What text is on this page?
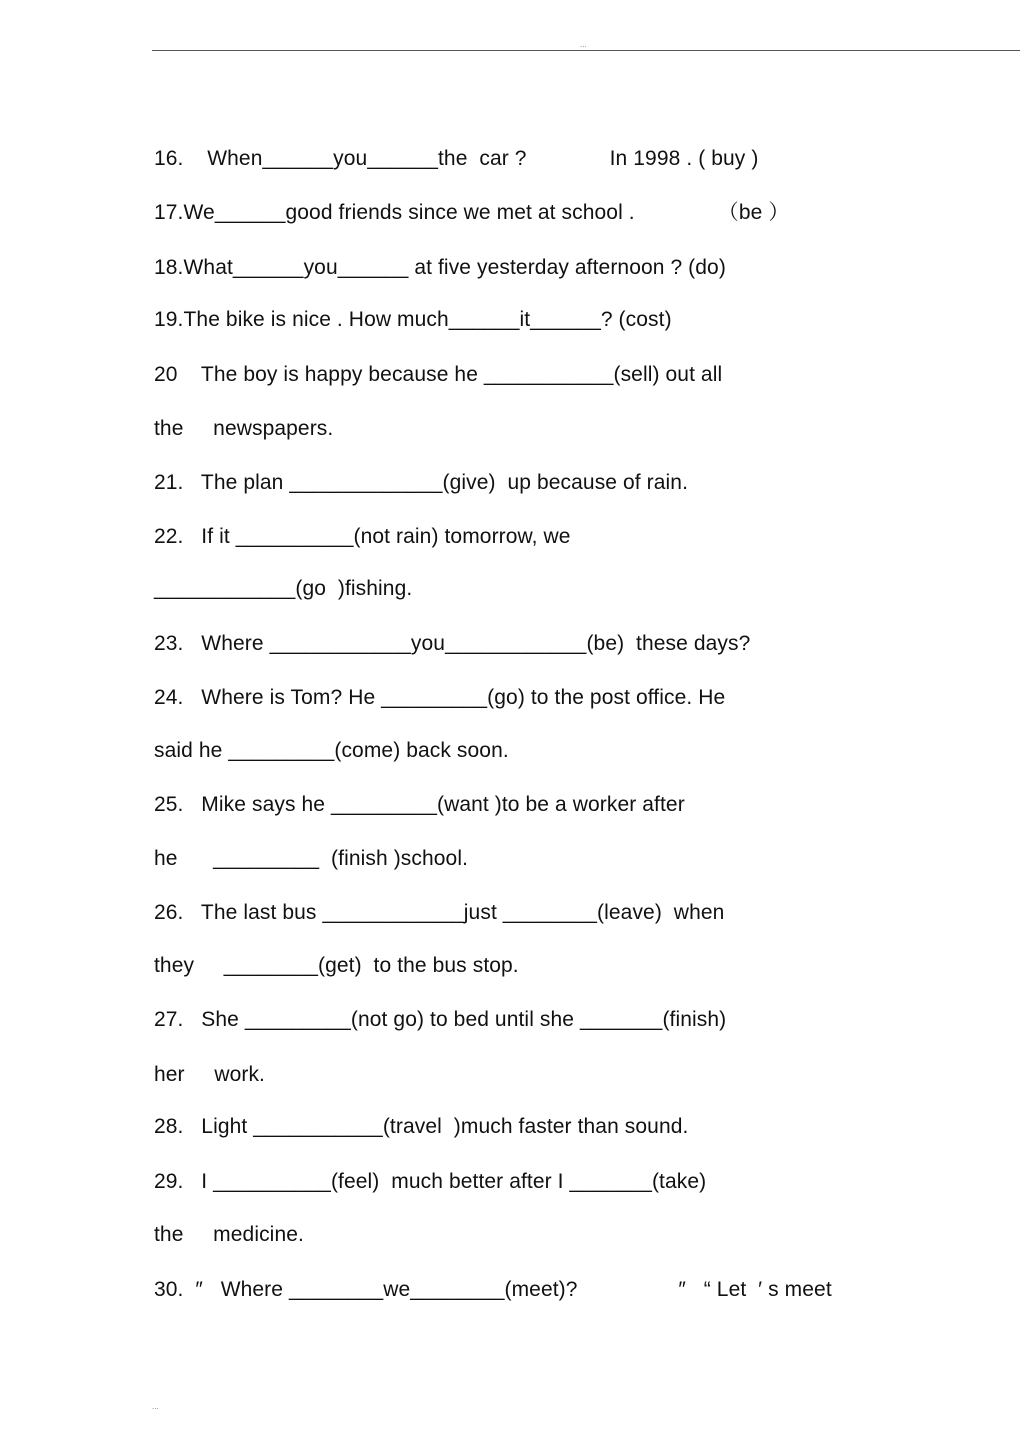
...
16.    When______you______the  car ?              In 1998 . ( buy )
17.We______good friends since we met at school .              （be ）
18.What______you______ at five yesterday afternoon ? (do)
19.The bike is nice . How much______it______? (cost)
20    The boy is happy because he ___________(sell) out all
the     newspapers.
21.   The plan _____________(give)  up because of rain.
22.   If it __________(not rain) tomorrow, we
____________(go  )fishing.
23.   Where ____________you____________(be)  these days?
24.   Where is Tom? He _________(go) to the post office. He
said he _________(come) back soon.
25.   Mike says he _________(want )to be a worker after
he      _________  (finish )school.
26.   The last bus ____________just ________(leave)  when
they     ________(get)  to the bus stop.
27.   She _________(not go) to bed until she _______(finish)
her     work.
28.   Light ___________(travel  )much faster than sound.
29.   I __________(feel)  much better after I _______(take)
the     medicine.
30.  ″   Where ________we________(meet)?                 ″   “ Let  ′ s meet
...
